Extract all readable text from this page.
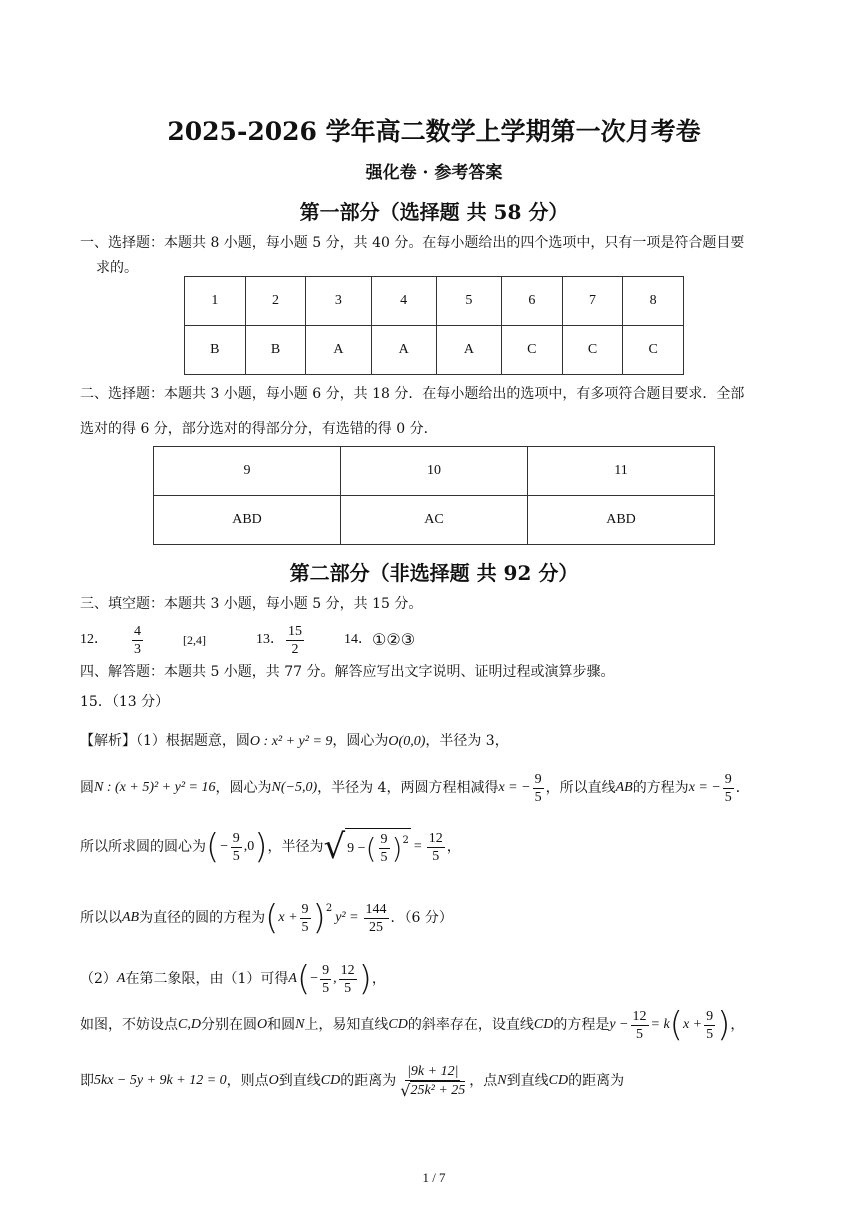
2025-2026 学年高二数学上学期第一次月考卷
强化卷 · 参考答案
第一部分（选择题 共 58 分）
一、选择题：本题共 8 小题，每小题 5 分，共 40 分。在每小题给出的四个选项中，只有一项是符合题目要
求的。
1	2	3	4	5	6	7	8
B	B	A	A	A	C	C	C
二、选择题：本题共 3 小题，每小题 6 分，共 18 分．在每小题给出的选项中，有多项符合题目要求．全部
选对的得 6 分，部分选对的得部分分，有选错的得 0 分．
9	10	11
ABD	AC	ABD
第二部分（非选择题 共 92 分）
三、填空题：本题共 3 小题，每小题 5 分，共 15 分。
12． $\frac{4}{3}$	[2,4]	13． $\frac{15}{2}$	14． ①②③
四、解答题：本题共 5 小题，共 77 分。解答应写出文字说明、证明过程或演算步骤。
15．（13 分）
【解析】（1）根据题意，圆O : x² + y² = 9，圆心为O(0,0)，半径为 3，
圆 N : (x + 5)² + y² = 16 ，圆心为 N(−5,0) ，半径为 4，两圆方程相减得 x = − $\frac{9}{5}$ ，所以直线 AB 的方程为 x = − $\frac{9}{5}$ ．
所以所求圆的圆心为 ( − $\frac{9}{5} ,0$ ) ，半径为 √ 9 − ( $\frac{9}{5} )^2 = \frac{12}{5}$ ，
所以以 AB 为直径的圆的方程为 ( $x + \frac{9}{5} )^2$
$y^2 = \frac{144}{25}$ ．（6 分）
（2） A 在第二象限，由（1）可得 A ( − $\frac{9}{5}$ , $\frac{12}{5}$ ) ，
如图，不妨设点 C,D 分别在圆 O 和圆 N 上，易知直线 CD 的斜率存在，设直线 CD 的方程是 $y - \frac{12}{5} = k$ ( $x + \frac{9}{5}$ ) ，
即 5kx − 5y + 9k + 12 = 0 ，则点 O 到直线 CD 的距离为 $\frac{|9k + 12|}{\text{√ 25k² + 25}}$ ，点 N 到直线 CD 的距离为
1 / 7
